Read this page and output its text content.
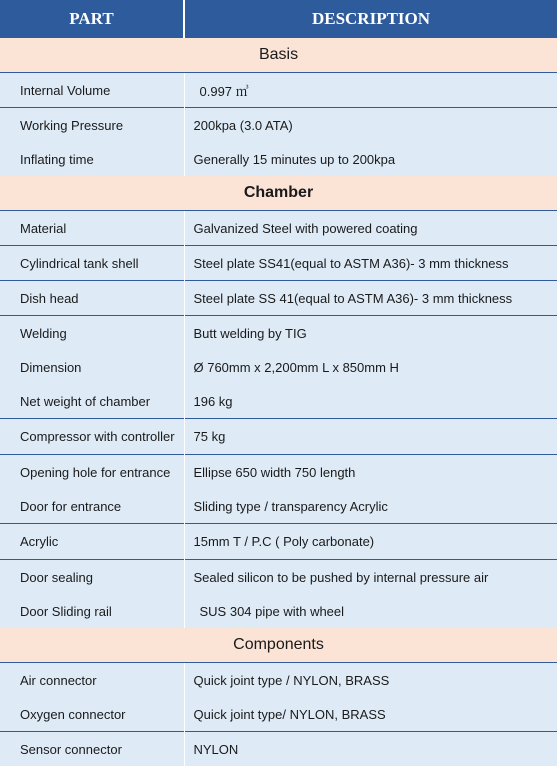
PART	DESCRIPTION
Basis	
Internal Volume	0.997 ㎥
Working Pressure	200kpa (3.0 ATA)
Inflating time	Generally 15 minutes up to 200kpa
Chamber	
Material	Galvanized Steel with powered coating
Cylindrical tank shell	Steel plate SS41(equal to ASTM A36)- 3 mm thickness
Dish head	Steel plate SS 41(equal to ASTM A36)- 3 mm thickness
Welding	Butt welding by TIG
Dimension	Ø 760mm x 2,200mm L x 850mm H
Net weight of chamber	196 kg
Compressor with controller	75 kg
Opening hole for entrance	Ellipse 650 width 750 length
Door for entrance	Sliding type / transparency Acrylic
Acrylic	15mm T / P.C ( Poly carbonate)
Door sealing	Sealed silicon to be pushed by internal pressure air
Door Sliding rail	SUS 304 pipe with wheel
Components	
Air connector	Quick joint type / NYLON, BRASS
Oxygen connector	Quick joint type/ NYLON, BRASS
Sensor connector	NYLON
